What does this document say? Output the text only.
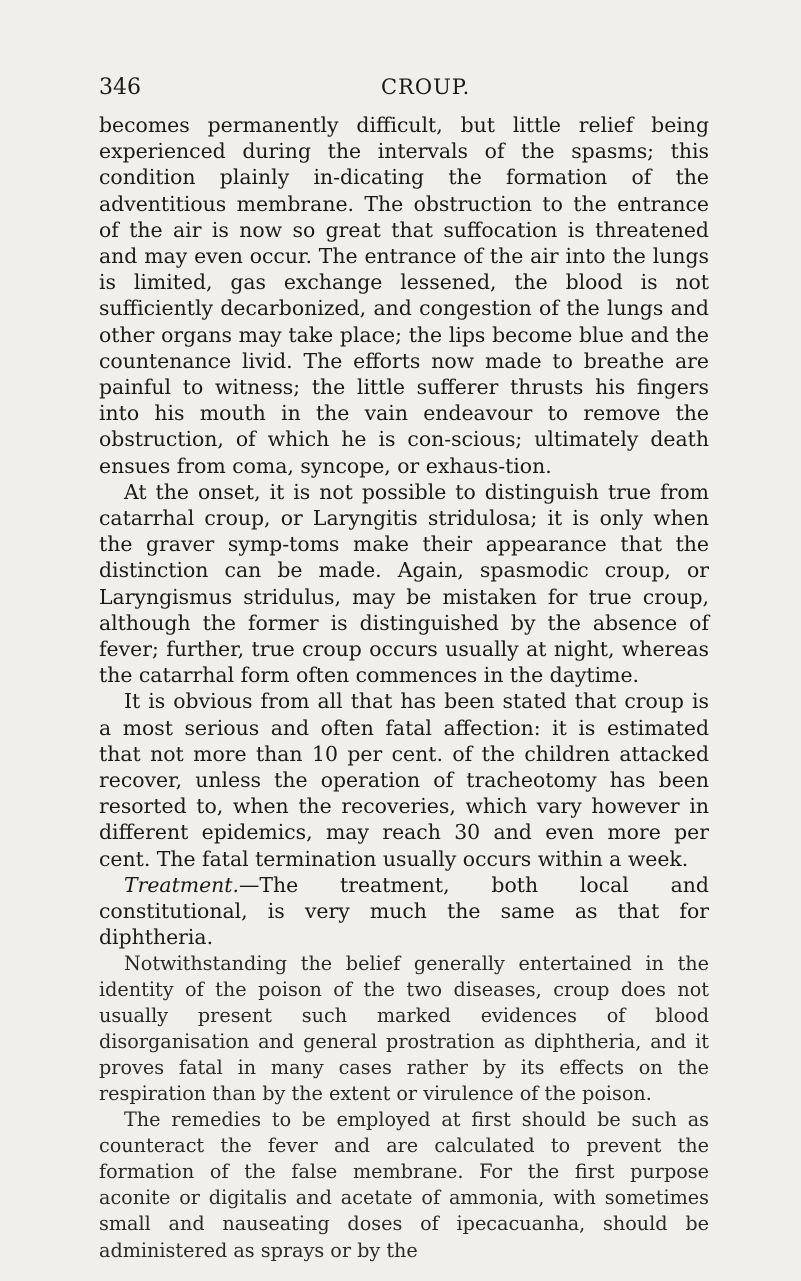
346	CROUP.

becomes permanently difficult, but little relief being experienced during the intervals of the spasms; this condition plainly in-dicating the formation of the adventitious membrane. The obstruction to the entrance of the air is now so great that suffocation is threatened and may even occur. The entrance of the air into the lungs is limited, gas exchange lessened, the blood is not sufficiently decarbonized, and congestion of the lungs and other organs may take place; the lips become blue and the countenance livid. The efforts now made to breathe are painful to witness; the little sufferer thrusts his fingers into his mouth in the vain endeavour to remove the obstruction, of which he is con-scious; ultimately death ensues from coma, syncope, or exhaus-tion.

At the onset, it is not possible to distinguish true from catarrhal croup, or Laryngitis stridulosa; it is only when the graver symp-toms make their appearance that the distinction can be made. Again, spasmodic croup, or Laryngismus stridulus, may be mistaken for true croup, although the former is distinguished by the absence of fever; further, true croup occurs usually at night, whereas the catarrhal form often commences in the daytime.

It is obvious from all that has been stated that croup is a most serious and often fatal affection: it is estimated that not more than 10 per cent. of the children attacked recover, unless the operation of tracheotomy has been resorted to, when the recoveries, which vary however in different epidemics, may reach 30 and even more per cent. The fatal termination usually occurs within a week.

Treatment.—The treatment, both local and constitutional, is very much the same as that for diphtheria.

Notwithstanding the belief generally entertained in the identity of the poison of the two diseases, croup does not usually present such marked evidences of blood disorganisation and general prostration as diphtheria, and it proves fatal in many cases rather by its effects on the respiration than by the extent or virulence of the poison.

The remedies to be employed at first should be such as counteract the fever and are calculated to prevent the formation of the false membrane. For the first purpose aconite or digitalis and acetate of ammonia, with sometimes small and nauseating doses of ipecacuanha, should be administered as sprays or by the
